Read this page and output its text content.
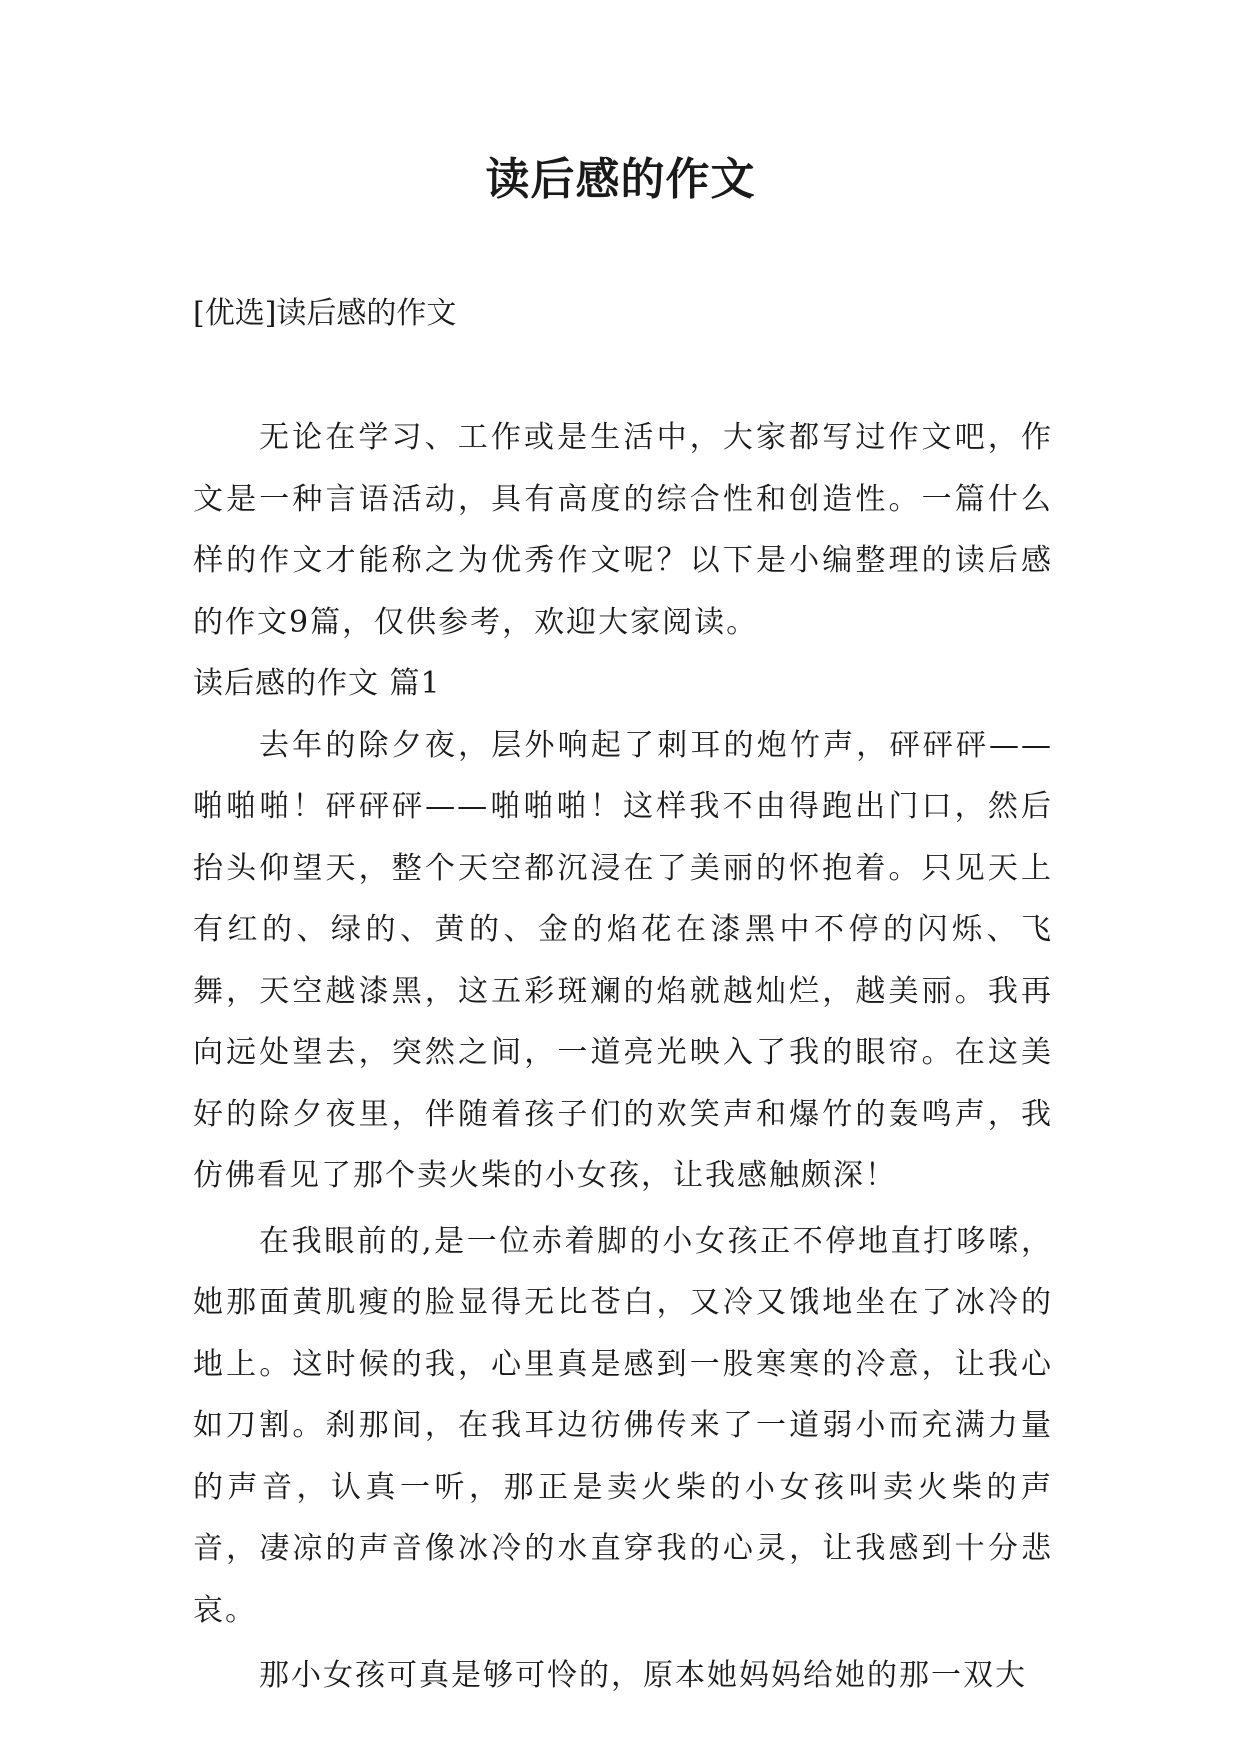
读后感的作文

[优选]读后感的作文

无论在学习、工作或是生活中，大家都写过作文吧，作文是一种言语活动，具有高度的综合性和创造性。一篇什么样的作文才能称之为优秀作文呢？以下是小编整理的读后感的作文9篇，仅供参考，欢迎大家阅读。

读后感的作文 篇1

去年的除夕夜，层外响起了刺耳的炮竹声，砰砰砰——啪啪啪！砰砰砰——啪啪啪！这样我不由得跑出门口，然后抬头仰望天，整个天空都沉浸在了美丽的怀抱着。只见天上有红的、绿的、黄的、金的焰花在漆黑中不停的闪烁、飞舞，天空越漆黑，这五彩斑斓的焰就越灿烂，越美丽。我再向远处望去，突然之间，一道亮光映入了我的眼帘。在这美好的除夕夜里，伴随着孩子们的欢笑声和爆竹的轰鸣声，我仿佛看见了那个卖火柴的小女孩，让我感触颇深！

在我眼前的,是一位赤着脚的小女孩正不停地直打哆嗦，她那面黄肌瘦的脸显得无比苍白，又冷又饿地坐在了冰冷的地上。这时候的我，心里真是感到一股寒寒的冷意，让我心如刀割。刹那间，在我耳边彷佛传来了一道弱小而充满力量的声音，认真一听，那正是卖火柴的小女孩叫卖火柴的声音，凄凉的声音像冰冷的水直穿我的心灵，让我感到十分悲哀。

那小女孩可真是够可怜的，原本她妈妈给她的那一双大
